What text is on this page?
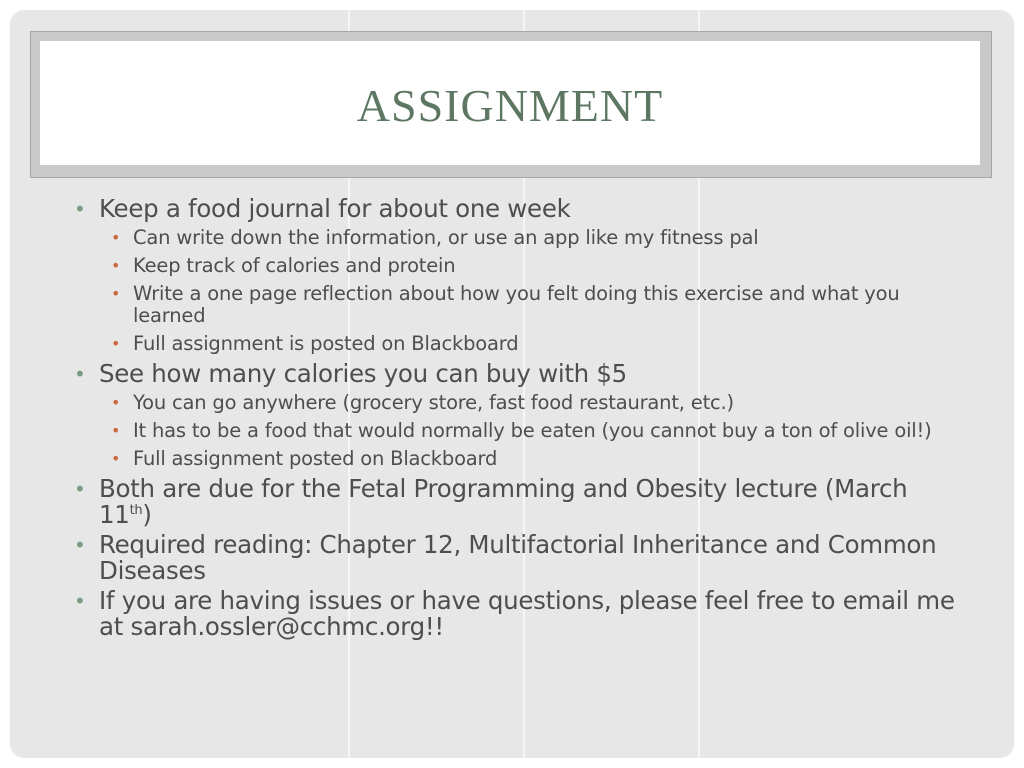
ASSIGNMENT
• Keep a food journal for about one week
• Can write down the information, or use an app like my fitness pal
• Keep track of calories and protein
• Write a one page reflection about how you felt doing this exercise and what you learned
• Full assignment is posted on Blackboard
• See how many calories you can buy with $5
• You can go anywhere (grocery store, fast food restaurant, etc.)
• It has to be a food that would normally be eaten (you cannot buy a ton of olive oil!)
• Full assignment posted on Blackboard
• Both are due for the Fetal Programming and Obesity lecture (March 11th)
• Required reading: Chapter 12, Multifactorial Inheritance and Common Diseases
• If you are having issues or have questions, please feel free to email me at sarah.ossler@cchmc.org!!
